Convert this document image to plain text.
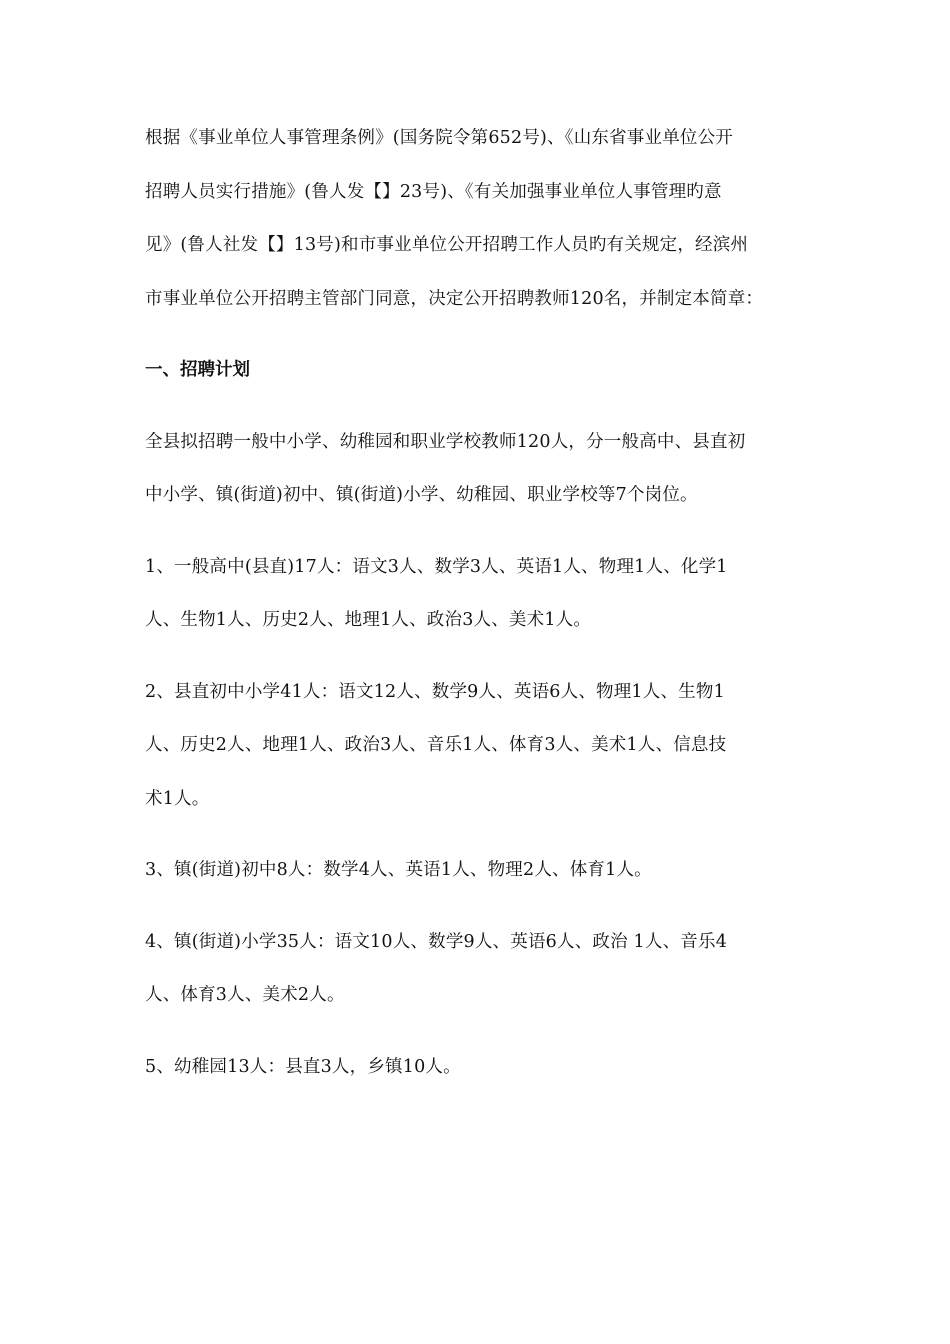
根据《事业单位人事管理条例》(国务院令第652号)、《山东省事业单位公开
招聘人员实行措施》(鲁人发【】23号)、《有关加强事业单位人事管理旳意
见》(鲁人社发【】13号)和市事业单位公开招聘工作人员旳有关规定，经滨州
市事业单位公开招聘主管部门同意，决定公开招聘教师120名，并制定本简章：

一、招聘计划

全县拟招聘一般中小学、幼稚园和职业学校教师120人，分一般高中、县直初
中小学、镇(街道)初中、镇(街道)小学、幼稚园、职业学校等7个岗位。

1、一般高中(县直)17人：语文3人、数学3人、英语1人、物理1人、化学1
人、生物1人、历史2人、地理1人、政治3人、美术1人。

2、县直初中小学41人：语文12人、数学9人、英语6人、物理1人、生物1
人、历史2人、地理1人、政治3人、音乐1人、体育3人、美术1人、信息技
术1人。

3、镇(街道)初中8人：数学4人、英语1人、物理2人、体育1人。

4、镇(街道)小学35人：语文10人、数学9人、英语6人、政治 1人、音乐4
人、体育3人、美术2人。

5、幼稚园13人：县直3人，乡镇10人。
